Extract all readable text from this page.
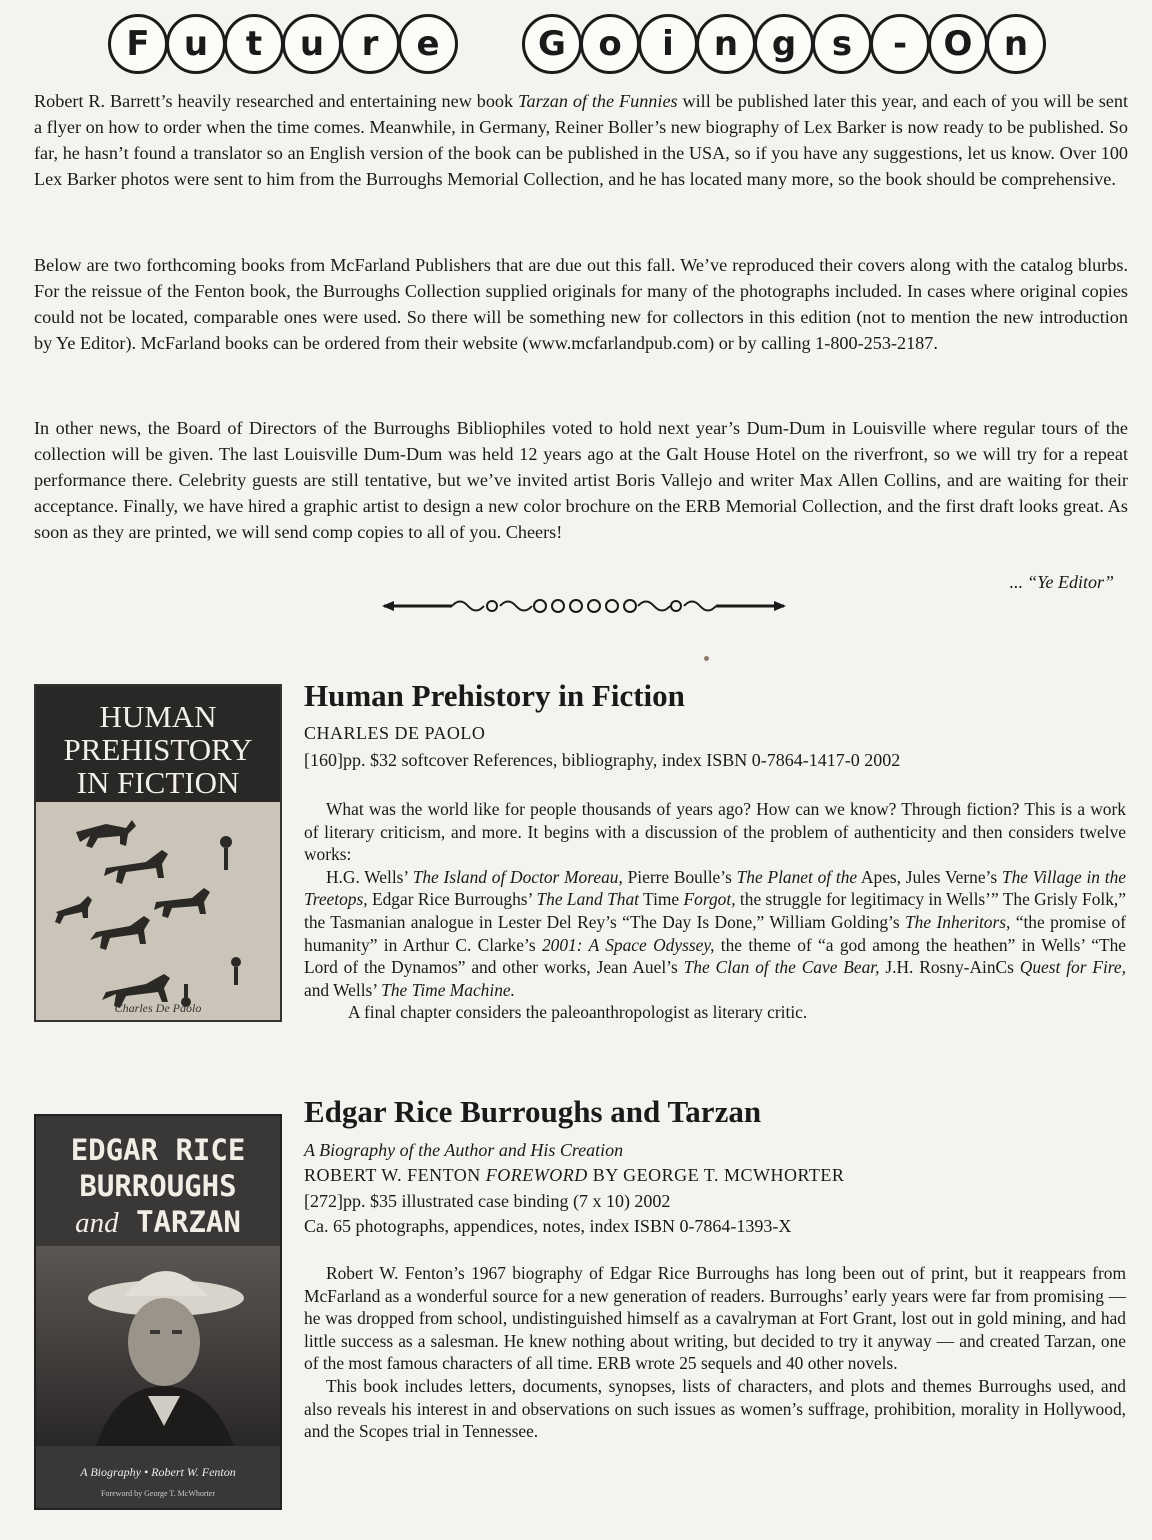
F	u	t	u	r	e	G o	i	n g	s	-	O n

Robert R. Barrett’s heavily researched and entertaining new book Tarzan of the Funnies will be published later this year, and each of you will be sent a flyer on how to order when the time comes. Meanwhile, in Germany, Reiner Boller’s new biography of Lex Barker is now ready to be published. So far, he hasn’t found a translator so an English version of the book can be published in the USA, so if you have any suggestions, let us know. Over 100 Lex Barker photos were sent to him from the Burroughs Memorial Collection, and he has located many more, so the book should be comprehensive.

Below are two forthcoming books from McFarland Publishers that are due out this fall. We’ve reproduced their covers along with the catalog blurbs. For the reissue of the Fenton book, the Burroughs Collection supplied originals for many of the photographs included. In cases where original copies could not be located, comparable ones were used. So there will be something new for collectors in this edition (not to mention the new introduction by Ye Editor). McFarland books can be ordered from their website (www.mcfarlandpub.com) or by calling 1-800-253-2187.

In other news, the Board of Directors of the Burroughs Bibliophiles voted to hold next year’s Dum-Dum in Louisville where regular tours of the collection will be given. The last Louisville Dum-Dum was held 12 years ago at the Galt House Hotel on the riverfront, so we will try for a repeat performance there. Celebrity guests are still tentative, but we’ve invited artist Boris Vallejo and writer Max Allen Collins, and are waiting for their acceptance. Finally, we have hired a graphic artist to design a new color brochure on the ERB Memorial Collection, and the first draft looks great. As soon as they are printed, we will send comp copies to all of you. Cheers!

... “Ye Editor”

HUMAN
PREHISTORY
IN FICTION
Charles De Paolo
Human Prehistory in Fiction

CHARLES DE PAOLO

[160]pp. $32 softcover References, bibliography, index ISBN 0-7864-1417-0 2002

What was the world like for people thousands of years ago? How can we know? Through fiction? This is a work of literary criticism, and more. It begins with a discussion of the problem of authenticity and then considers twelve works:

H.G. Wells’ The Island of Doctor Moreau, Pierre Boulle’s The Planet of the Apes, Jules Verne’s The Village in the Treetops, Edgar Rice Burroughs’ The Land That Time Forgot, the struggle for legitimacy in Wells’” The Grisly Folk,” the Tasmanian analogue in Lester Del Rey’s “The Day Is Done,” William Golding’s The Inheritors, “the promise of humanity” in Arthur C. Clarke’s 2001: A Space Odyssey, the theme of “a god among the heathen” in Wells’ “The Lord of the Dynamos” and other works, Jean Auel’s The Clan of the Cave Bear, J.H. Rosny-AinCs Quest for Fire, and Wells’ The Time Machine.

A final chapter considers the paleoanthropologist as literary critic.

EDGAR RICE
BURROUGHS
and TARZAN
A Biography • Robert W. Fenton
Foreword by George T. McWhorter
Edgar Rice Burroughs and Tarzan

A Biography of the Author and His Creation

ROBERT W. FENTON FOREWORD BY GEORGE T. MCWHORTER

[272]pp. $35 illustrated case binding (7 x 10) 2002

Ca. 65 photographs, appendices, notes, index ISBN 0-7864-1393-X

Robert W. Fenton’s 1967 biography of Edgar Rice Burroughs has long been out of print, but it reappears from McFarland as a wonderful source for a new generation of readers. Burroughs’ early years were far from promising — he was dropped from school, undistinguished himself as a cavalryman at Fort Grant, lost out in gold mining, and had little success as a salesman. He knew nothing about writing, but decided to try it anyway — and created Tarzan, one of the most famous characters of all time. ERB wrote 25 sequels and 40 other novels.

This book includes letters, documents, synopses, lists of characters, and plots and themes Burroughs used, and also reveals his interest in and observations on such issues as women’s suffrage, prohibition, morality in Hollywood, and the Scopes trial in Tennessee.
